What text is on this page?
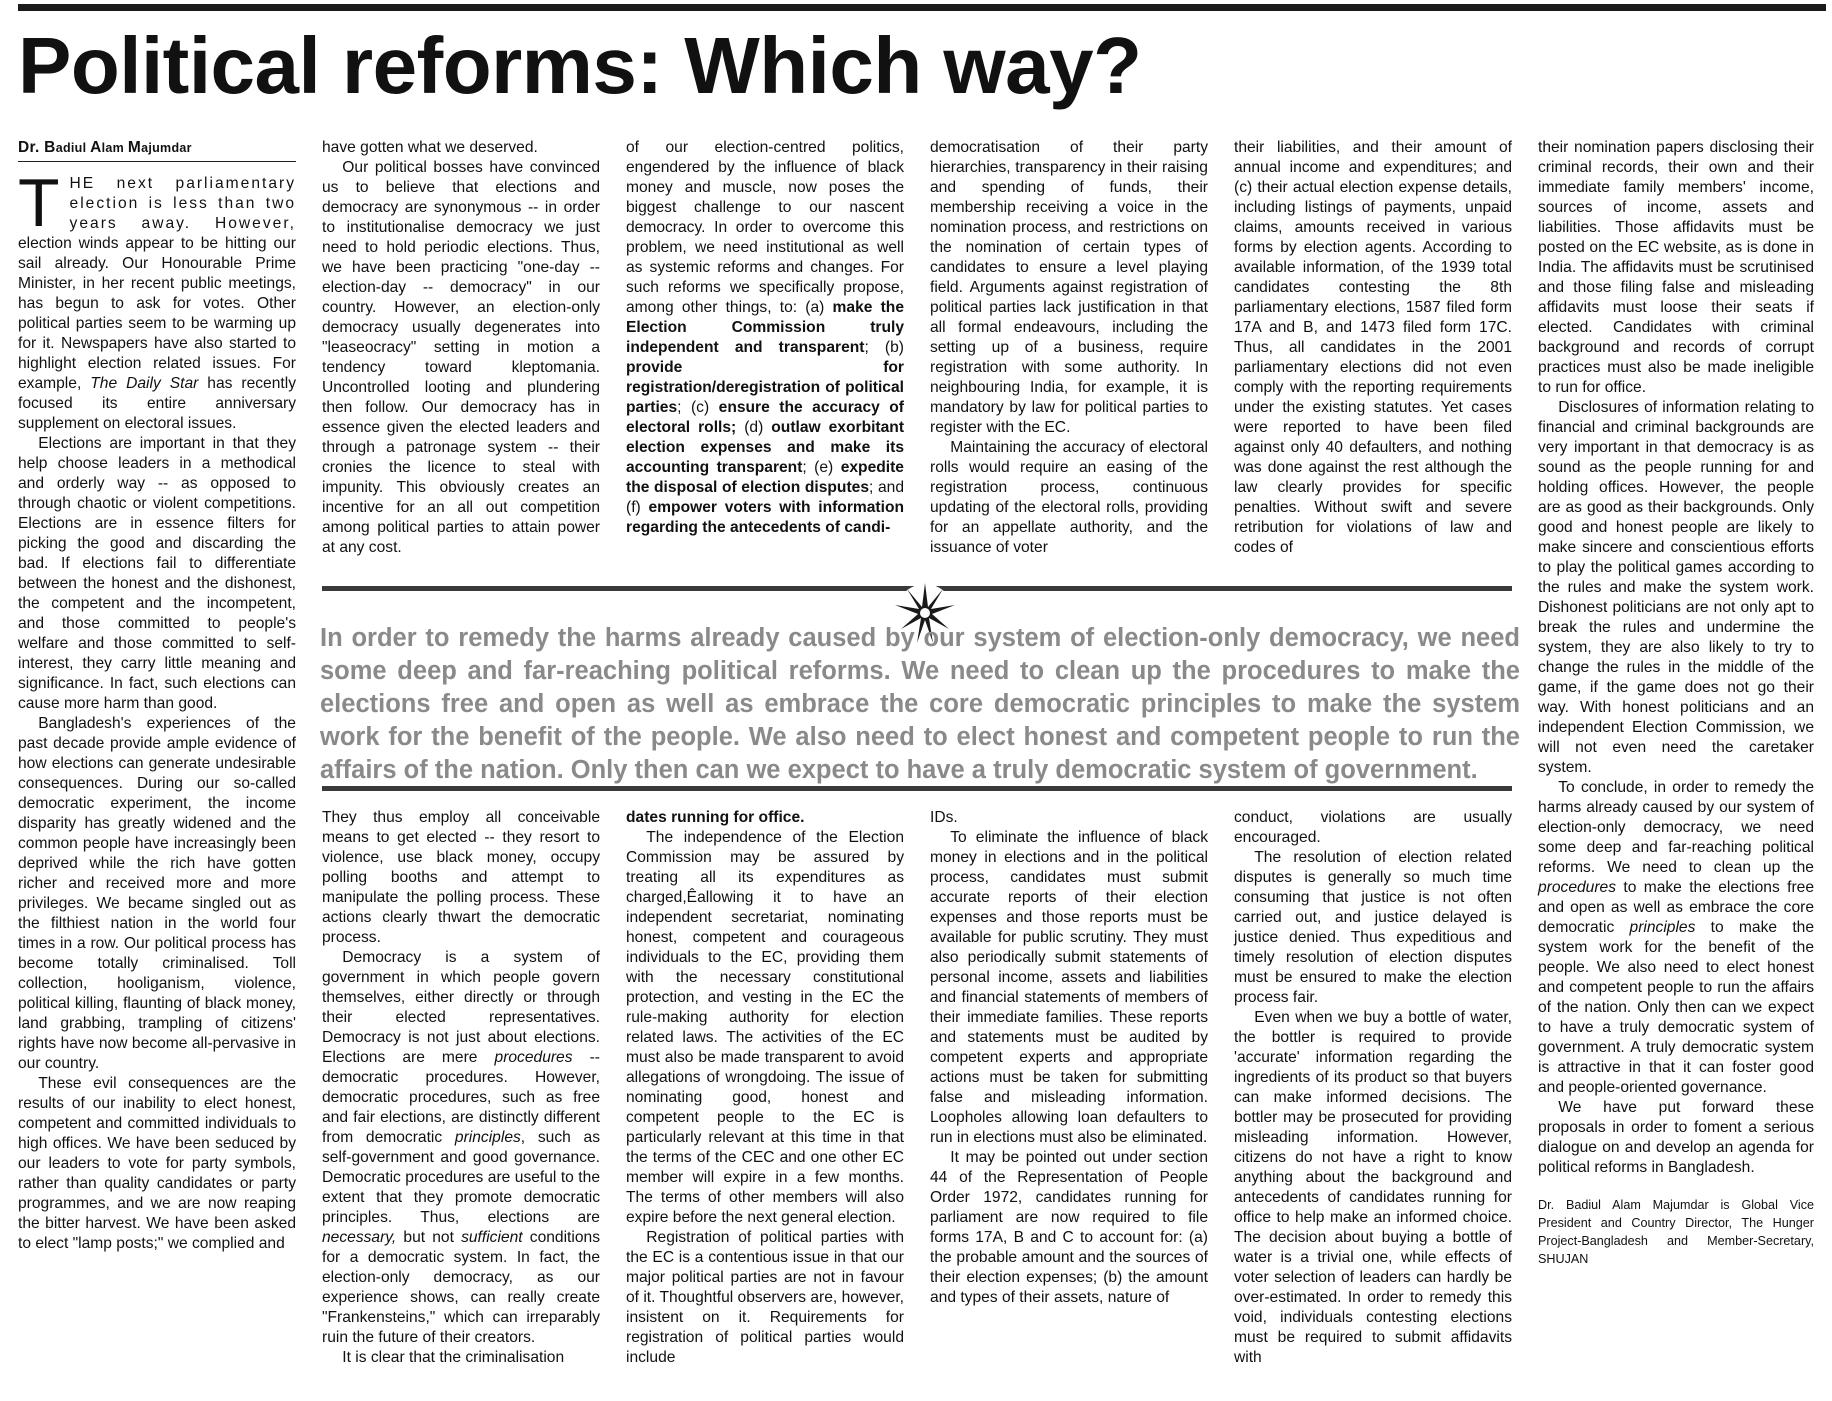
Political reforms: Which way?
Dr. Badiul Alam Majumdar

THE next parliamentary election is less than two years away. However, election winds appear to be hitting our sail already. Our Honourable Prime Minister, in her recent public meetings, has begun to ask for votes. Other political parties seem to be warming up for it. Newspapers have also started to highlight election related issues. For example, The Daily Star has recently focused its entire anniversary supplement on electoral issues.

Elections are important in that they help choose leaders in a methodical and orderly way -- as opposed to through chaotic or violent competitions. Elections are in essence filters for picking the good and discarding the bad. If elections fail to differentiate between the honest and the dishonest, the competent and the incompetent, and those committed to people's welfare and those committed to self-interest, they carry little meaning and significance. In fact, such elections can cause more harm than good.

Bangladesh's experiences of the past decade provide ample evidence of how elections can generate undesirable consequences. During our so-called democratic experiment, the income disparity has greatly widened and the common people have increasingly been deprived while the rich have gotten richer and received more and more privileges. We became singled out as the filthiest nation in the world four times in a row. Our political process has become totally criminalised. Toll collection, hooliganism, violence, political killing, flaunting of black money, land grabbing, trampling of citizens' rights have now become all-pervasive in our country.

These evil consequences are the results of our inability to elect honest, competent and committed individuals to high offices. We have been seduced by our leaders to vote for party symbols, rather than quality candidates or party programmes, and we are now reaping the bitter harvest. We have been asked to elect "lamp posts;" we complied and

have gotten what we deserved.

Our political bosses have convinced us to believe that elections and democracy are synonymous -- in order to institutionalise democracy we just need to hold periodic elections. Thus, we have been practicing "one-day -- election-day -- democracy" in our country. However, an election-only democracy usually degenerates into "leaseocracy" setting in motion a tendency toward kleptomania. Uncontrolled looting and plundering then follow. Our democracy has in essence given the elected leaders and through a patronage system -- their cronies the licence to steal with impunity. This obviously creates an incentive for an all out competition among political parties to attain power at any cost.

of our election-centred politics, engendered by the influence of black money and muscle, now poses the biggest challenge to our nascent democracy. In order to overcome this problem, we need institutional as well as systemic reforms and changes. For such reforms we specifically propose, among other things, to: (a) make the Election Commission truly independent and transparent; (b) provide for registration/deregistration of political parties; (c) ensure the accuracy of electoral rolls; (d) outlaw exorbitant election expenses and make its accounting transparent; (e) expedite the disposal of election disputes; and (f) empower voters with information regarding the antecedents of candi-

democratisation of their party hierarchies, transparency in their raising and spending of funds, their membership receiving a voice in the nomination process, and restrictions on the nomination of certain types of candidates to ensure a level playing field. Arguments against registration of political parties lack justification in that all formal endeavours, including the setting up of a business, require registration with some authority. In neighbouring India, for example, it is mandatory by law for political parties to register with the EC.

Maintaining the accuracy of electoral rolls would require an easing of the registration process, continuous updating of the electoral rolls, providing for an appellate authority, and the issuance of voter

their liabilities, and their amount of annual income and expenditures; and (c) their actual election expense details, including listings of payments, unpaid claims, amounts received in various forms by election agents. According to available information, of the 1939 total candidates contesting the 8th parliamentary elections, 1587 filed form 17A and B, and 1473 filed form 17C. Thus, all candidates in the 2001 parliamentary elections did not even comply with the reporting requirements under the existing statutes. Yet cases were reported to have been filed against only 40 defaulters, and nothing was done against the rest although the law clearly provides for specific penalties. Without swift and severe retribution for violations of law and codes of

In order to remedy the harms already caused by our system of election-only democracy, we need some deep and far-reaching political reforms. We need to clean up the procedures to make the elections free and open as well as embrace the core democratic principles to make the system work for the benefit of the people. We also need to elect honest and competent people to run the affairs of the nation. Only then can we expect to have a truly democratic system of government.

their nomination papers disclosing their criminal records, their own and their immediate family members' income, sources of income, assets and liabilities. Those affidavits must be posted on the EC website, as is done in India. The affidavits must be scrutinised and those filing false and misleading affidavits must loose their seats if elected. Candidates with criminal background and records of corrupt practices must also be made ineligible to run for office.

Disclosures of information relating to financial and criminal backgrounds are very important in that democracy is as sound as the people running for and holding offices. However, the people are as good as their backgrounds. Only good and honest people are likely to make sincere and conscientious efforts to play the political games according to the rules and make the system work. Dishonest politicians are not only apt to break the rules and undermine the system, they are also likely to try to change the rules in the middle of the game, if the game does not go their way. With honest politicians and an independent Election Commission, we will not even need the caretaker system.

To conclude, in order to remedy the harms already caused by our system of election-only democracy, we need some deep and far-reaching political reforms. We need to clean up the procedures to make the elections free and open as well as embrace the core democratic principles to make the system work for the benefit of the people. We also need to elect honest and competent people to run the affairs of the nation. Only then can we expect to have a truly democratic system of government. A truly democratic system is attractive in that it can foster good and people-oriented governance.

We have put forward these proposals in order to foment a serious dialogue on and develop an agenda for political reforms in Bangladesh.

Dr. Badiul Alam Majumdar is Global Vice President and Country Director, The Hunger Project-Bangladesh and Member-Secretary, SHUJAN

They thus employ all conceivable means to get elected -- they resort to violence, use black money, occupy polling booths and attempt to manipulate the polling process. These actions clearly thwart the democratic process.

Democracy is a system of government in which people govern themselves, either directly or through their elected representatives. Democracy is not just about elections. Elections are mere procedures -- democratic procedures. However, democratic procedures, such as free and fair elections, are distinctly different from democratic principles, such as self-government and good governance. Democratic procedures are useful to the extent that they promote democratic principles. Thus, elections are necessary, but not sufficient conditions for a democratic system. In fact, the election-only democracy, as our experience shows, can really create "Frankensteins," which can irreparably ruin the future of their creators.

It is clear that the criminalisation

dates running for office.

The independence of the Election Commission may be assured by treating all its expenditures as charged,Êallowing it to have an independent secretariat, nominating honest, competent and courageous individuals to the EC, providing them with the necessary constitutional protection, and vesting in the EC the rule-making authority for election related laws. The activities of the EC must also be made transparent to avoid allegations of wrongdoing. The issue of nominating good, honest and competent people to the EC is particularly relevant at this time in that the terms of the CEC and one other EC member will expire in a few months. The terms of other members will also expire before the next general election.

Registration of political parties with the EC is a contentious issue in that our major political parties are not in favour of it. Thoughtful observers are, however, insistent on it. Requirements for registration of political parties would include

IDs.

To eliminate the influence of black money in elections and in the political process, candidates must submit accurate reports of their election expenses and those reports must be available for public scrutiny. They must also periodically submit statements of personal income, assets and liabilities and financial statements of members of their immediate families. These reports and statements must be audited by competent experts and appropriate actions must be taken for submitting false and misleading information. Loopholes allowing loan defaulters to run in elections must also be eliminated.

It may be pointed out under section 44 of the Representation of People Order 1972, candidates running for parliament are now required to file forms 17A, B and C to account for: (a) the probable amount and the sources of their election expenses; (b) the amount and types of their assets, nature of

conduct, violations are usually encouraged.

The resolution of election related disputes is generally so much time consuming that justice is not often carried out, and justice delayed is justice denied. Thus expeditious and timely resolution of election disputes must be ensured to make the election process fair.

Even when we buy a bottle of water, the bottler is required to provide 'accurate' information regarding the ingredients of its product so that buyers can make informed decisions. The bottler may be prosecuted for providing misleading information. However, citizens do not have a right to know anything about the background and antecedents of candidates running for office to help make an informed choice. The decision about buying a bottle of water is a trivial one, while effects of voter selection of leaders can hardly be over-estimated. In order to remedy this void, individuals contesting elections must be required to submit affidavits with
